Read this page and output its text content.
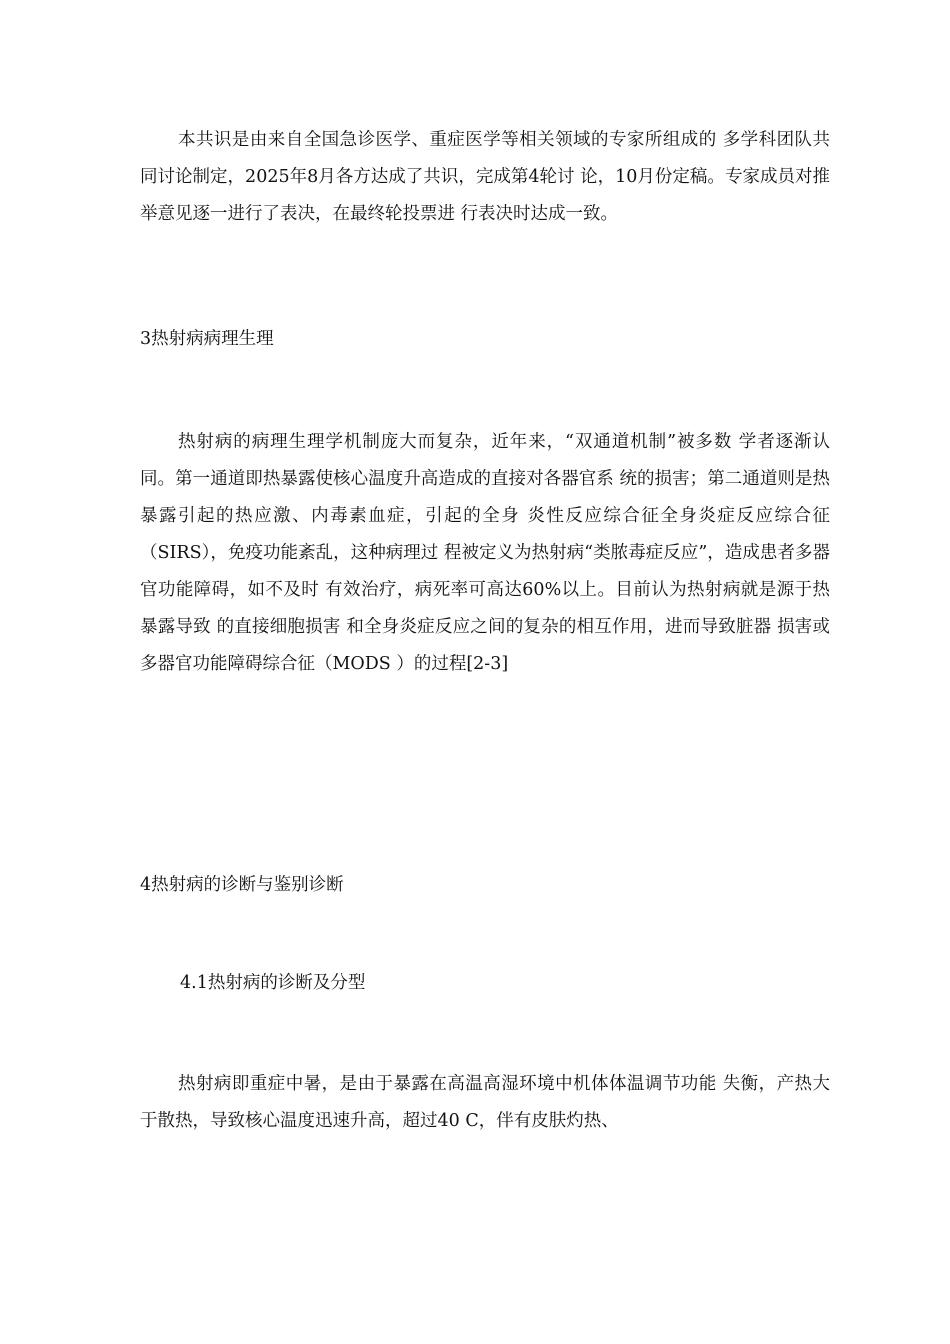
本共识是由来自全国急诊医学、重症医学等相关领域的专家所组成的 多学科团队共同讨论制定，2025年8月各方达成了共识，完成第4轮讨 论，10月份定稿。专家成员对推举意见逐一进行了表决，在最终轮投票进 行表决时达成一致。

3热射病病理生理

热射病的病理生理学机制庞大而复杂，近年来，“双通道机制”被多数 学者逐渐认同。第一通道即热暴露使核心温度升高造成的直接对各器官系 统的损害；第二通道则是热暴露引起的热应激、内毒素血症，引起的全身 炎性反应综合征全身炎症反应综合征（SIRS），免疫功能紊乱，这种病理过 程被定义为热射病“类脓毒症反应”，造成患者多器官功能障碍，如不及时 有效治疗，病死率可高达60%以上。目前认为热射病就是源于热暴露导致 的直接细胞损害 和全身炎症反应之间的复杂的相互作用，进而导致脏器 损害或多器官功能障碍综合征（MODS ）的过程[2-3]

4热射病的诊断与鉴别诊断
4.1热射病的诊断及分型

热射病即重症中暑，是由于暴露在高温高湿环境中机体体温调节功能 失衡，产热大于散热，导致核心温度迅速升高，超过40 C，伴有皮肤灼热、
